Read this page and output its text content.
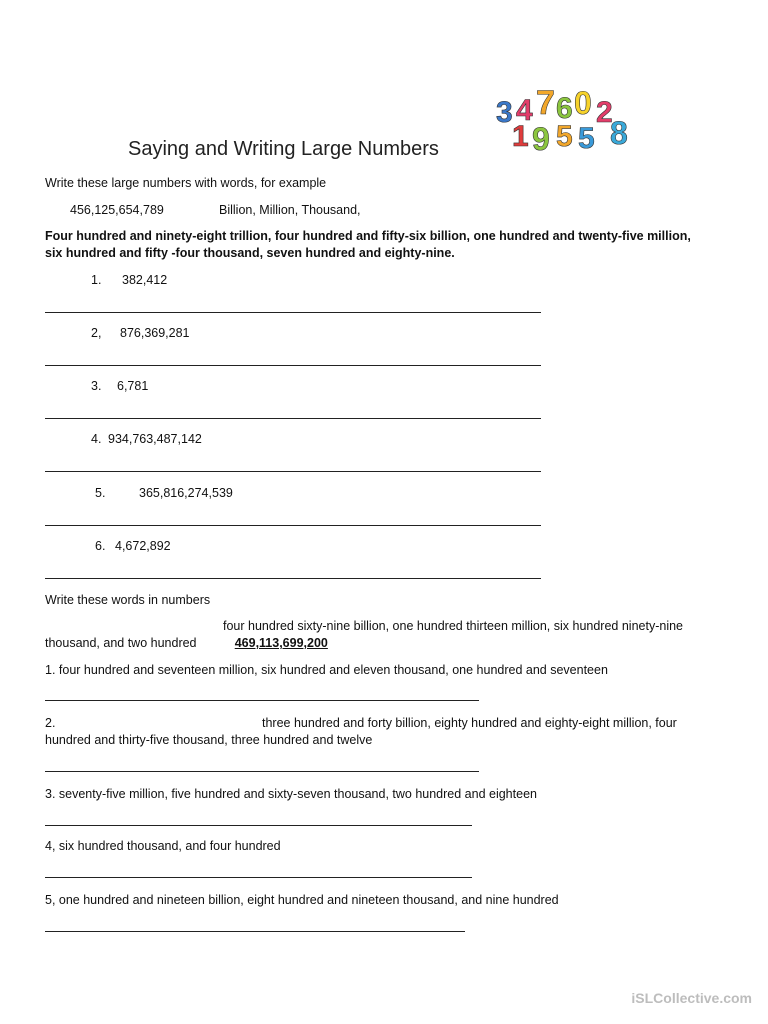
3 4 7 6 0 2
1 9 5 5 8
Saying and Writing Large Numbers
Write these large numbers with words, for example
456,125,654,789	Billion, Million, Thousand,
Four hundred and ninety-eight trillion, four hundred and fifty-six billion, one hundred and twenty-five million, six hundred and fifty -four thousand, seven hundred and eighty-nine.
1. 382,412
2, 876,369,281
3. 6,781
4. 934,763,487,142
5.	365,816,274,539
6. 4,672,892
Write these words in numbers
four hundred sixty-nine billion, one hundred thirteen million, six hundred ninety-nine thousand, and two hundred	469,113,699,200
1. four hundred and seventeen million, six hundred and eleven thousand, one hundred and seventeen
2.	three hundred and forty billion, eighty hundred and eighty-eight million, four
hundred and thirty-five thousand, three hundred and twelve
3. seventy-five million, five hundred and sixty-seven thousand, two hundred and eighteen
4, six hundred thousand, and four hundred
5, one hundred and nineteen billion, eight hundred and nineteen thousand, and nine hundred
iSLCollective.com
